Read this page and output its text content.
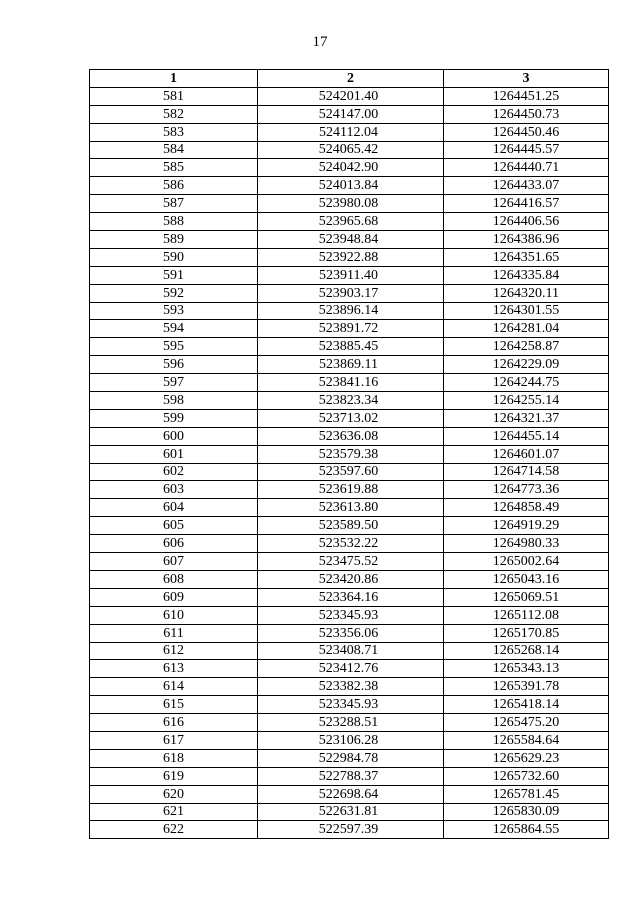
17
1	2	3
581	524201.40	1264451.25
582	524147.00	1264450.73
583	524112.04	1264450.46
584	524065.42	1264445.57
585	524042.90	1264440.71
586	524013.84	1264433.07
587	523980.08	1264416.57
588	523965.68	1264406.56
589	523948.84	1264386.96
590	523922.88	1264351.65
591	523911.40	1264335.84
592	523903.17	1264320.11
593	523896.14	1264301.55
594	523891.72	1264281.04
595	523885.45	1264258.87
596	523869.11	1264229.09
597	523841.16	1264244.75
598	523823.34	1264255.14
599	523713.02	1264321.37
600	523636.08	1264455.14
601	523579.38	1264601.07
602	523597.60	1264714.58
603	523619.88	1264773.36
604	523613.80	1264858.49
605	523589.50	1264919.29
606	523532.22	1264980.33
607	523475.52	1265002.64
608	523420.86	1265043.16
609	523364.16	1265069.51
610	523345.93	1265112.08
611	523356.06	1265170.85
612	523408.71	1265268.14
613	523412.76	1265343.13
614	523382.38	1265391.78
615	523345.93	1265418.14
616	523288.51	1265475.20
617	523106.28	1265584.64
618	522984.78	1265629.23
619	522788.37	1265732.60
620	522698.64	1265781.45
621	522631.81	1265830.09
622	522597.39	1265864.55
